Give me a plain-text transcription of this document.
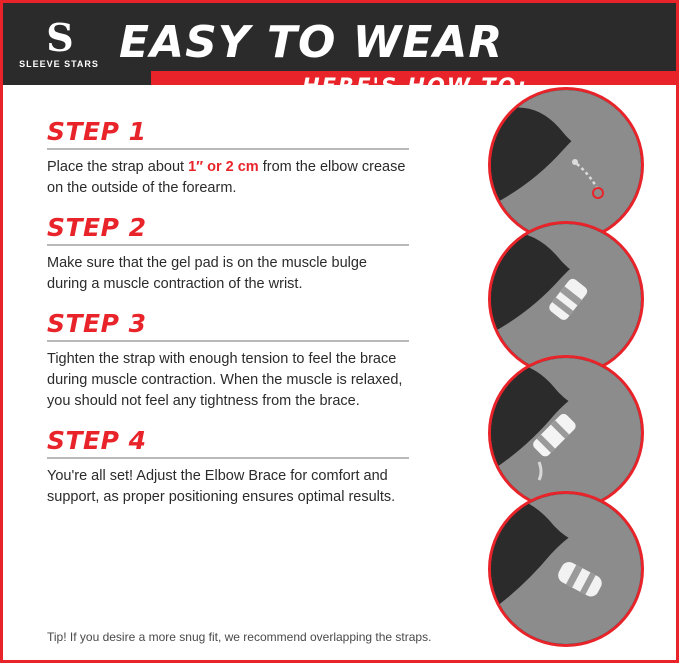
S
SLEEVE STARS EASY TO WEAR
STEP 1

Place the strap about 1″ or 2 cm from the elbow crease on the outside of the forearm.

STEP 2

Make sure that the gel pad is on the muscle bulge during a muscle contraction of the wrist.

STEP 3

Tighten the strap with enough tension to feel the brace during muscle contraction. When the muscle is relaxed, you should not feel any tightness from the brace.

STEP 4

You're all set! Adjust the Elbow Brace for comfort and support, as proper positioning ensures optimal results.

Tip! If you desire a more snug fit, we recommend overlapping the straps.
